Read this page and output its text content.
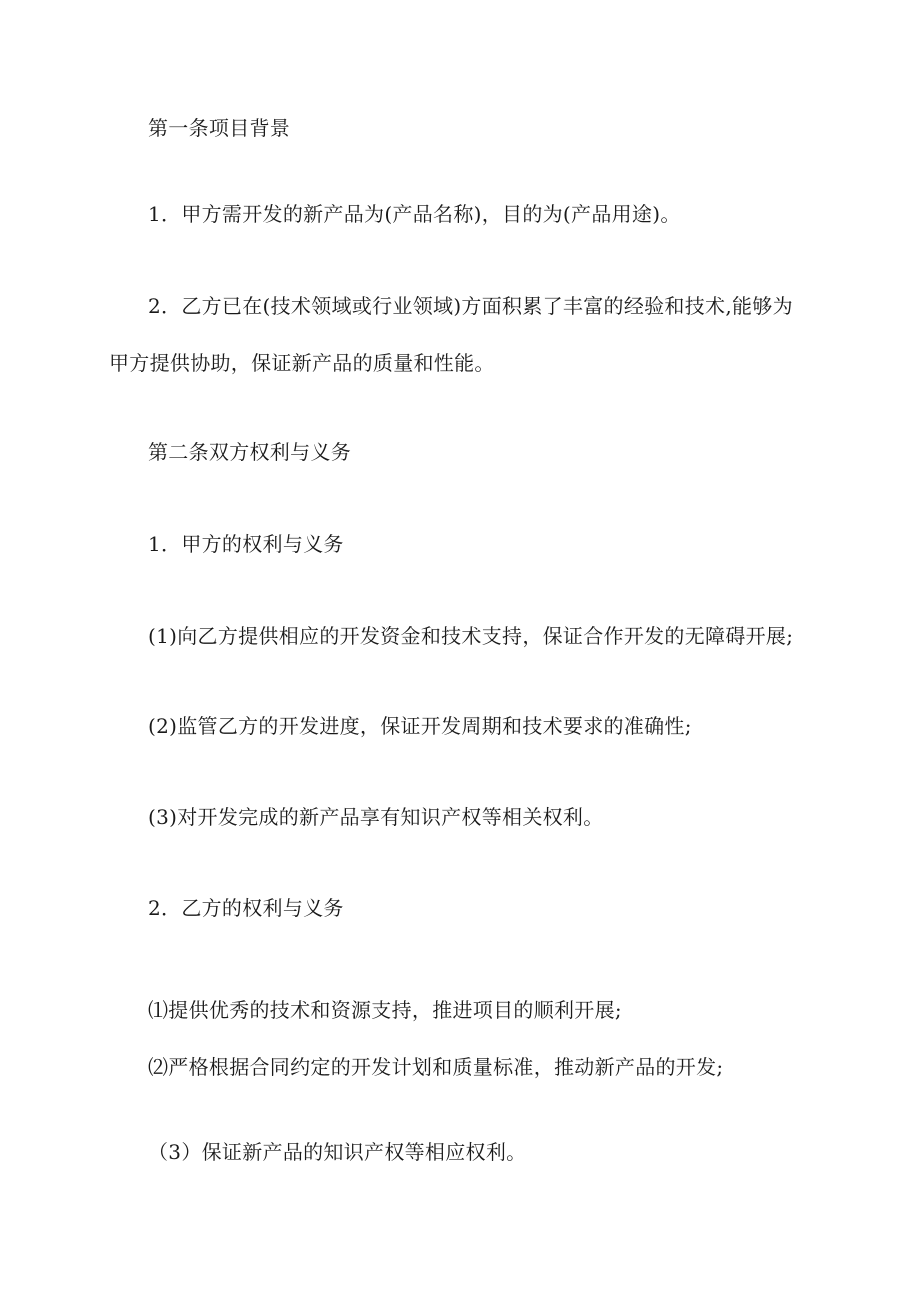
第一条项目背景
1．甲方需开发的新产品为(产品名称)，目的为(产品用途)。
2．乙方已在(技术领域或行业领域)方面积累了丰富的经验和技术,能够为
甲方提供协助，保证新产品的质量和性能。
第二条双方权利与义务
1．甲方的权利与义务
(1)向乙方提供相应的开发资金和技术支持，保证合作开发的无障碍开展;
(2)监管乙方的开发进度，保证开发周期和技术要求的准确性;
(3)对开发完成的新产品享有知识产权等相关权利。
2．乙方的权利与义务
⑴提供优秀的技术和资源支持，推进项目的顺利开展;
⑵严格根据合同约定的开发计划和质量标准，推动新产品的开发;
（3）保证新产品的知识产权等相应权利。
